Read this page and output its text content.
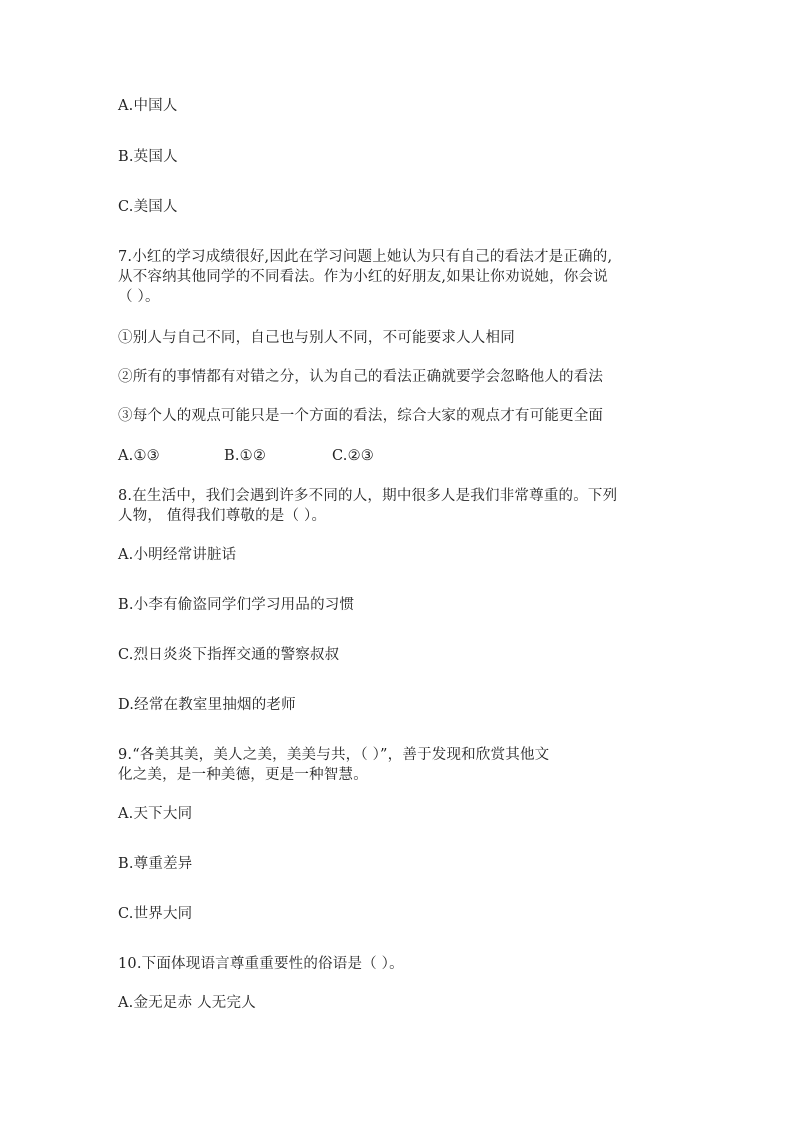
A.中国人
B.英国人
C.美国人
7.小红的学习成绩很好,因此在学习问题上她认为只有自己的看法才是正确的,
从不容纳其他同学的不同看法。作为小红的好朋友,如果让你劝说她，你会说
（ ）。
①别人与自己不同，自己也与别人不同，不可能要求人人相同
②所有的事情都有对错之分，认为自己的看法正确就要学会忽略他人的看法
③每个人的观点可能只是一个方面的看法，综合大家的观点才有可能更全面
A.①③	B.①②	C.②③
8.在生活中，我们会遇到许多不同的人，期中很多人是我们非常尊重的。下列
人物， 值得我们尊敬的是（ ）。
A.小明经常讲脏话
B.小李有偷盗同学们学习用品的习惯
C.烈日炎炎下指挥交通的警察叔叔
D.经常在教室里抽烟的老师
9.“各美其美，美人之美，美美与共，（ ）”，善于发现和欣赏其他文
化之美，是一种美德，更是一种智慧。
A.天下大同
B.尊重差异
C.世界大同
10.下面体现语言尊重重要性的俗语是（ ）。
A.金无足赤 人无完人
